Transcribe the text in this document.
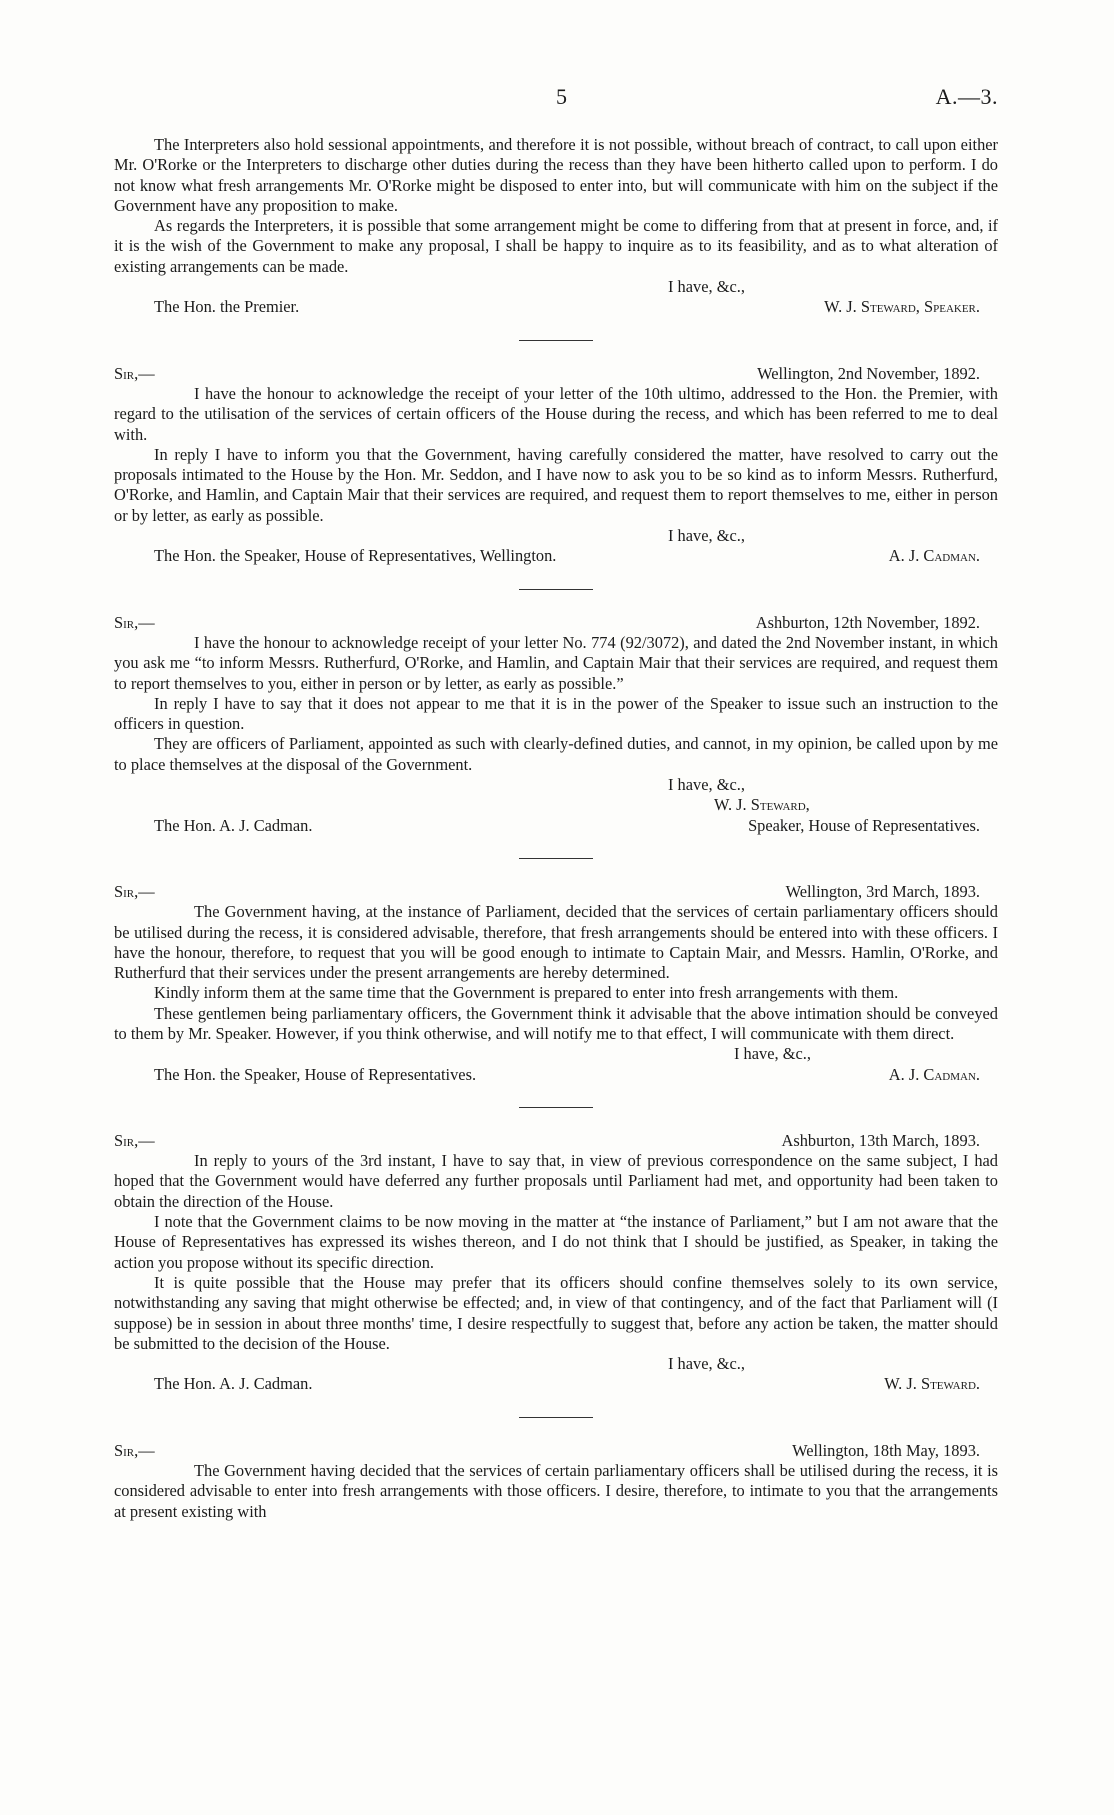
5	A.—3.

The Interpreters also hold sessional appointments, and therefore it is not possible, without breach of contract, to call upon either Mr. O'Rorke or the Interpreters to discharge other duties during the recess than they have been hitherto called upon to perform. I do not know what fresh arrangements Mr. O'Rorke might be disposed to enter into, but will communicate with him on the subject if the Government have any proposition to make.

As regards the Interpreters, it is possible that some arrangement might be come to differing from that at present in force, and, if it is the wish of the Government to make any proposal, I shall be happy to inquire as to its feasibility, and as to what alteration of existing arrangements can be made.

I have, &c.,
The Hon. the Premier.	W. J. Steward, Speaker.
Sir,—	Wellington, 2nd November, 1892.

I have the honour to acknowledge the receipt of your letter of the 10th ultimo, addressed to the Hon. the Premier, with regard to the utilisation of the services of certain officers of the House during the recess, and which has been referred to me to deal with.

In reply I have to inform you that the Government, having carefully considered the matter, have resolved to carry out the proposals intimated to the House by the Hon. Mr. Seddon, and I have now to ask you to be so kind as to inform Messrs. Rutherfurd, O'Rorke, and Hamlin, and Captain Mair that their services are required, and request them to report themselves to me, either in person or by letter, as early as possible.

I have, &c.,
The Hon. the Speaker, House of Representatives, Wellington.	A. J. Cadman.
Sir,—	Ashburton, 12th November, 1892.

I have the honour to acknowledge receipt of your letter No. 774 (92/3072), and dated the 2nd November instant, in which you ask me “to inform Messrs. Rutherfurd, O'Rorke, and Hamlin, and Captain Mair that their services are required, and request them to report themselves to you, either in person or by letter, as early as possible.”

In reply I have to say that it does not appear to me that it is in the power of the Speaker to issue such an instruction to the officers in question.

They are officers of Parliament, appointed as such with clearly-defined duties, and cannot, in my opinion, be called upon by me to place themselves at the disposal of the Government.

I have, &c.,
W. J. Steward,
The Hon. A. J. Cadman.	Speaker, House of Representatives.
Sir,—	Wellington, 3rd March, 1893.

The Government having, at the instance of Parliament, decided that the services of certain parliamentary officers should be utilised during the recess, it is considered advisable, therefore, that fresh arrangements should be entered into with these officers. I have the honour, therefore, to request that you will be good enough to intimate to Captain Mair, and Messrs. Hamlin, O'Rorke, and Rutherfurd that their services under the present arrangements are hereby determined.

Kindly inform them at the same time that the Government is prepared to enter into fresh arrangements with them.

These gentlemen being parliamentary officers, the Government think it advisable that the above intimation should be conveyed to them by Mr. Speaker. However, if you think otherwise, and will notify me to that effect, I will communicate with them direct.

I have, &c.,
The Hon. the Speaker, House of Representatives.	A. J. Cadman.
Sir,—	Ashburton, 13th March, 1893.

In reply to yours of the 3rd instant, I have to say that, in view of previous correspondence on the same subject, I had hoped that the Government would have deferred any further proposals until Parliament had met, and opportunity had been taken to obtain the direction of the House.

I note that the Government claims to be now moving in the matter at “the instance of Parliament,” but I am not aware that the House of Representatives has expressed its wishes thereon, and I do not think that I should be justified, as Speaker, in taking the action you propose without its specific direction.

It is quite possible that the House may prefer that its officers should confine themselves solely to its own service, notwithstanding any saving that might otherwise be effected; and, in view of that contingency, and of the fact that Parliament will (I suppose) be in session in about three months' time, I desire respectfully to suggest that, before any action be taken, the matter should be submitted to the decision of the House.

I have, &c.,
The Hon. A. J. Cadman.	W. J. Steward.
Sir,—	Wellington, 18th May, 1893.

The Government having decided that the services of certain parliamentary officers shall be utilised during the recess, it is considered advisable to enter into fresh arrangements with those officers. I desire, therefore, to intimate to you that the arrangements at present existing with
